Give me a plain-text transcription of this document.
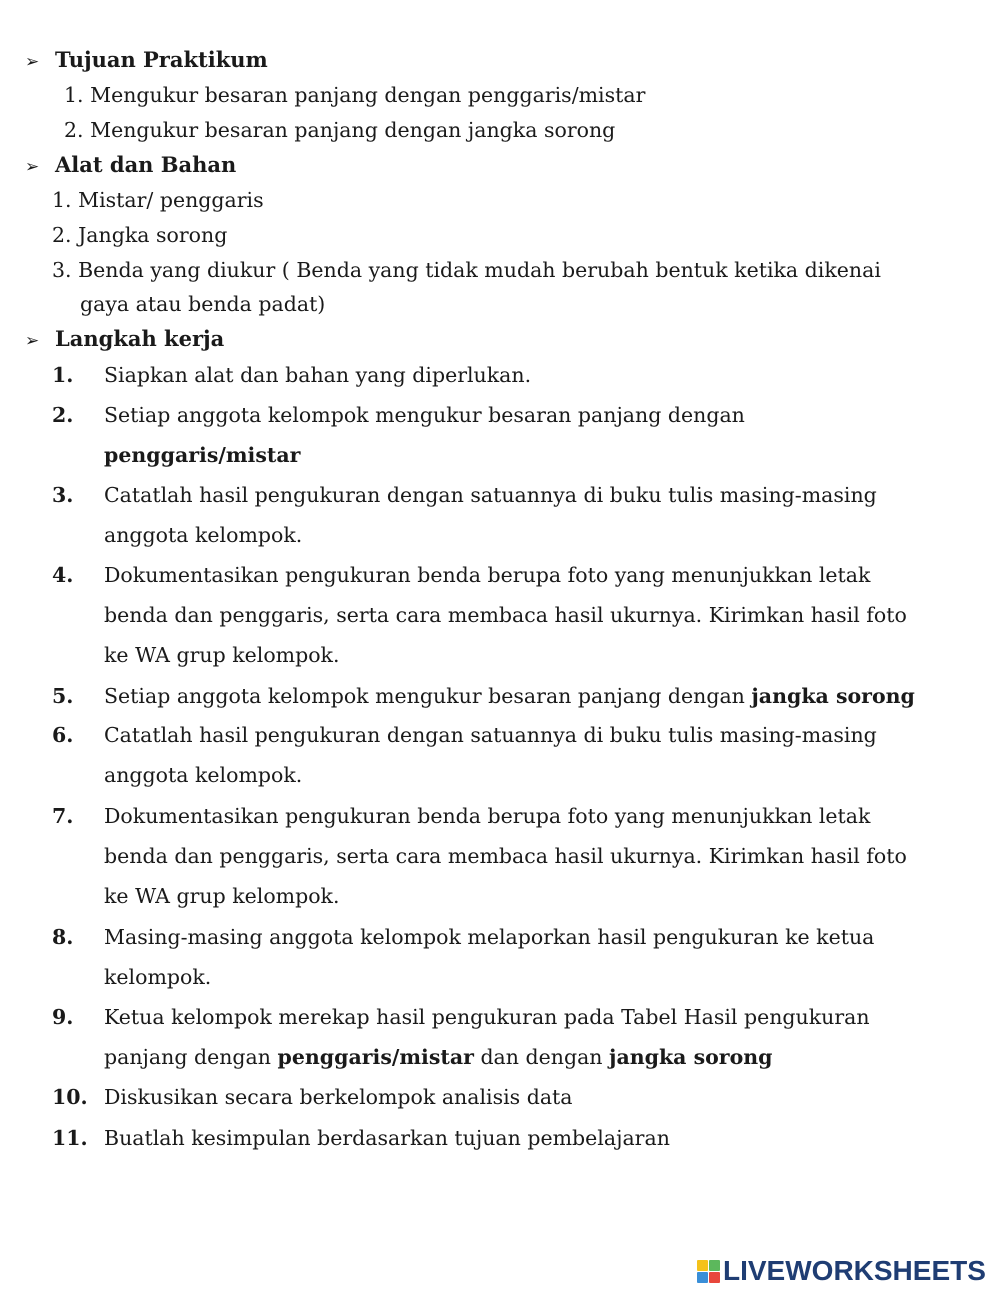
➢ Tujuan Praktikum
1. Mengukur besaran panjang dengan penggaris/mistar
2. Mengukur besaran panjang dengan jangka sorong
➢ Alat dan Bahan
1. Mistar/ penggaris
2. Jangka sorong
3. Benda yang diukur ( Benda yang tidak mudah berubah bentuk ketika dikenai
gaya atau benda padat)
➢ Langkah kerja
1. Siapkan alat dan bahan yang diperlukan.
2. Setiap anggota kelompok mengukur besaran panjang dengan
penggaris/mistar
3. Catatlah hasil pengukuran dengan satuannya di buku tulis masing-masing
anggota kelompok.
4. Dokumentasikan pengukuran benda berupa foto yang menunjukkan letak
benda dan penggaris, serta cara membaca hasil ukurnya. Kirimkan hasil foto
ke WA grup kelompok.
5. Setiap anggota kelompok mengukur besaran panjang dengan jangka sorong
6. Catatlah hasil pengukuran dengan satuannya di buku tulis masing-masing
anggota kelompok.
7. Dokumentasikan pengukuran benda berupa foto yang menunjukkan letak
benda dan penggaris, serta cara membaca hasil ukurnya. Kirimkan hasil foto
ke WA grup kelompok.
8. Masing-masing anggota kelompok melaporkan hasil pengukuran ke ketua
kelompok.
9. Ketua kelompok merekap hasil pengukuran pada Tabel Hasil pengukuran
panjang dengan penggaris/mistar dan dengan jangka sorong
10. Diskusikan secara berkelompok analisis data
11. Buatlah kesimpulan berdasarkan tujuan pembelajaran
LIVEWORKSHEETS
